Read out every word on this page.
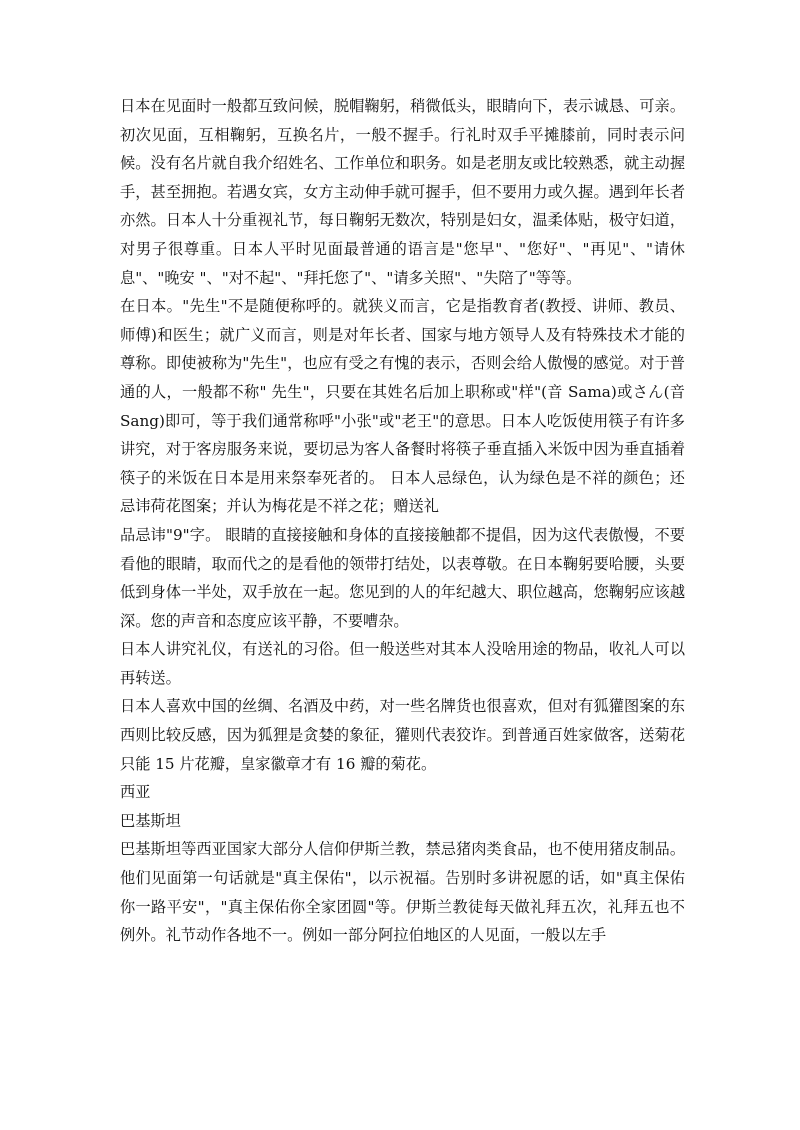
日本在见面时一般都互致问候，脱帽鞠躬，稍微低头，眼睛向下，表示诚恳、可亲。初次见面，互相鞠躬，互换名片，一般不握手。行礼时双手平摊膝前，同时表示问候。没有名片就自我介绍姓名、工作单位和职务。如是老朋友或比较熟悉，就主动握手，甚至拥抱。若遇女宾，女方主动伸手就可握手，但不要用力或久握。遇到年长者亦然。日本人十分重视礼节，每日鞠躬无数次，特别是妇女，温柔体贴，极守妇道，对男子很尊重。日本人平时见面最普通的语言是"您早"、"您好"、"再见"、"请休息"、"晚安 "、"对不起"、"拜托您了"、"请多关照"、"失陪了"等等。

在日本。"先生"不是随便称呼的。就狭义而言，它是指教育者(教授、讲师、教员、师傅)和医生；就广义而言，则是对年长者、国家与地方领导人及有特殊技术才能的尊称。即使被称为"先生"，也应有受之有愧的表示，否则会给人傲慢的感觉。对于普通的人，一般都不称" 先生"，只要在其姓名后加上职称或"样"(音 Sama)或さん(音 Sang)即可，等于我们通常称呼"小张"或"老王"的意思。日本人吃饭使用筷子有许多讲究，对于客房服务来说，要切忌为客人备餐时将筷子垂直插入米饭中因为垂直插着筷子的米饭在日本是用来祭奉死者的。 日本人忌绿色，认为绿色是不祥的颜色；还忌讳荷花图案；并认为梅花是不祥之花；赠送礼

品忌讳"9"字。 眼睛的直接接触和身体的直接接触都不提倡，因为这代表傲慢，不要看他的眼睛，取而代之的是看他的领带打结处，以表尊敬。在日本鞠躬要哈腰，头要低到身体一半处，双手放在一起。您见到的人的年纪越大、职位越高，您鞠躬应该越深。您的声音和态度应该平静，不要嘈杂。

日本人讲究礼仪，有送礼的习俗。但一般送些对其本人没啥用途的物品，收礼人可以再转送。

日本人喜欢中国的丝绸、名酒及中药，对一些名牌货也很喜欢，但对有狐獾图案的东西则比较反感，因为狐狸是贪婪的象征，獾则代表狡诈。到普通百姓家做客，送菊花只能 15 片花瓣，皇家徽章才有 16 瓣的菊花。

西亚

巴基斯坦

巴基斯坦等西亚国家大部分人信仰伊斯兰教，禁忌猪肉类食品，也不使用猪皮制品。他们见面第一句话就是"真主保佑"，以示祝福。告别时多讲祝愿的话，如"真主保佑你一路平安"，"真主保佑你全家团圆"等。伊斯兰教徒每天做礼拜五次，礼拜五也不例外。礼节动作各地不一。例如一部分阿拉伯地区的人见面，一般以左手
